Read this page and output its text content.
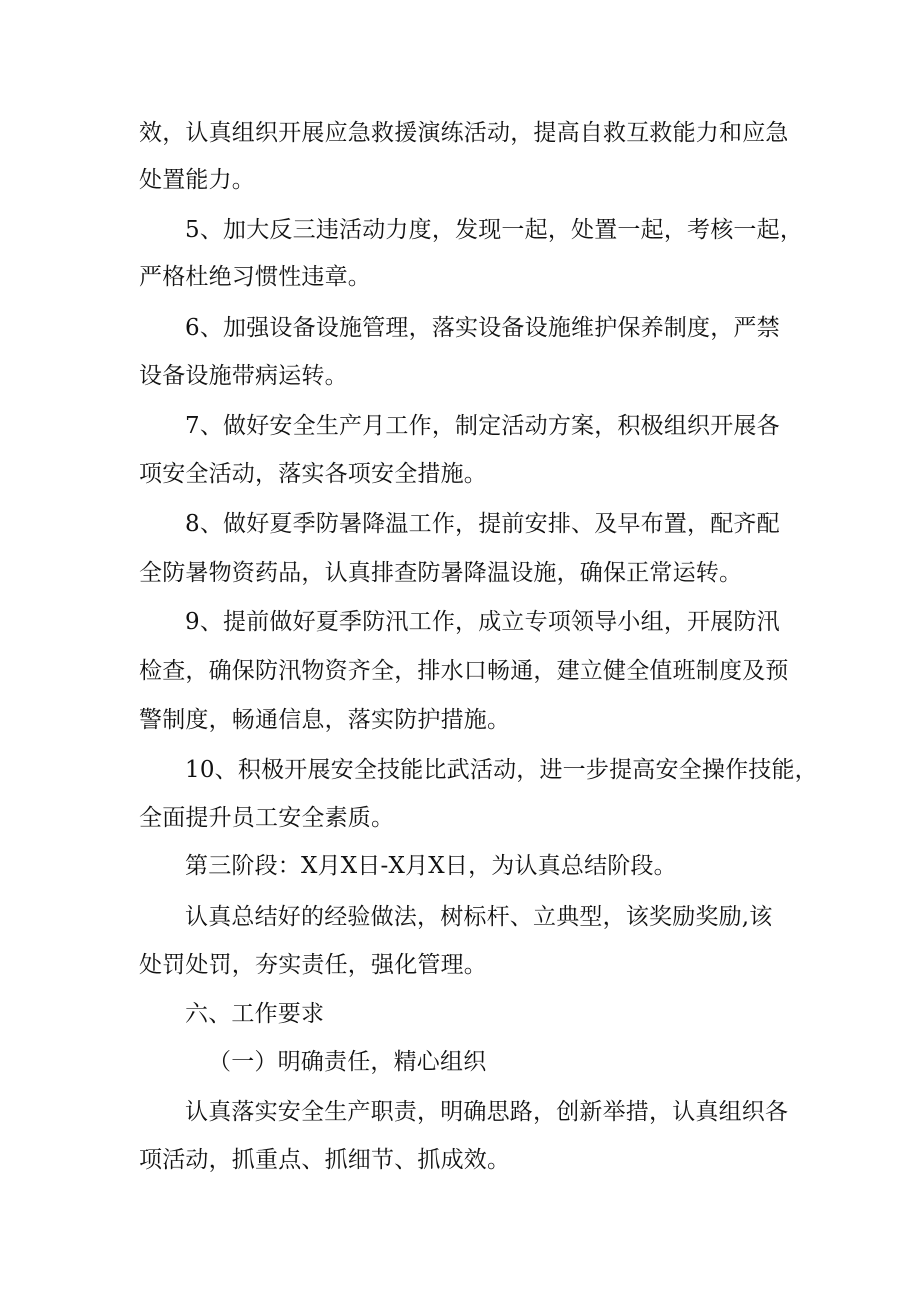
效，认真组织开展应急救援演练活动，提高自救互救能力和应急
处置能力。
5、加大反三违活动力度，发现一起，处置一起，考核一起，
严格杜绝习惯性违章。
6、加强设备设施管理，落实设备设施维护保养制度，严禁
设备设施带病运转。
7、做好安全生产月工作，制定活动方案，积极组织开展各
项安全活动，落实各项安全措施。
8、做好夏季防暑降温工作，提前安排、及早布置，配齐配
全防暑物资药品，认真排查防暑降温设施，确保正常运转。
9、提前做好夏季防汛工作，成立专项领导小组，开展防汛
检查，确保防汛物资齐全，排水口畅通，建立健全值班制度及预
警制度，畅通信息，落实防护措施。
10、积极开展安全技能比武活动，进一步提高安全操作技能，
全面提升员工安全素质。
第三阶段：X月X日-X月X日，为认真总结阶段。
认真总结好的经验做法，树标杆、立典型，该奖励奖励,该
处罚处罚，夯实责任，强化管理。
六、工作要求
（一）明确责任，精心组织
认真落实安全生产职责，明确思路，创新举措，认真组织各
项活动，抓重点、抓细节、抓成效。
